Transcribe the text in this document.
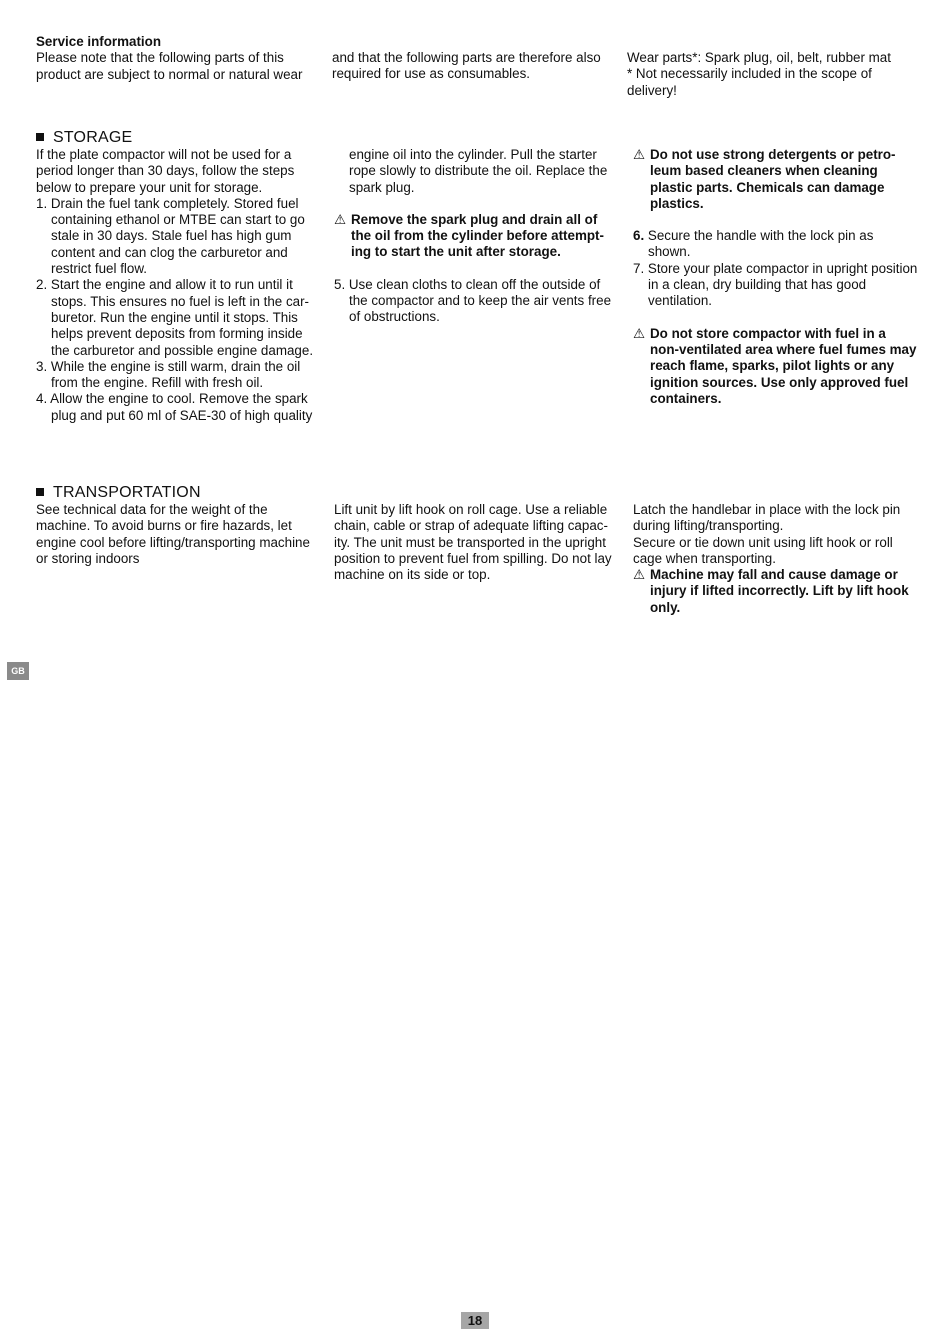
Service information

Please note that the following parts of this product are subject to normal or natural wear

and that the following parts are therefore also required for use as consumables.

Wear parts*: Spark plug, oil, belt, rubber mat

* Not necessarily included in the scope of delivery!

STORAGE

If the plate compactor will not be used for a period longer than 30 days, follow the steps below to prepare your unit for storage.

1. Drain the fuel tank completely. Stored fuel containing ethanol or MTBE can start to go stale in 30 days. Stale fuel has high gum content and can clog the carburetor and restrict fuel flow.

2. Start the engine and allow it to run until it stops. This ensures no fuel is left in the car-buretor. Run the engine until it stops. This helps prevent deposits from forming inside the carburetor and possible engine damage.

3. While the engine is still warm, drain the oil from the engine. Refill with fresh oil.

4. Allow the engine to cool. Remove the spark plug and put 60 ml of SAE-30 of high quality

engine oil into the cylinder. Pull the starter rope slowly to distribute the oil. Replace the spark plug.

⚠ Remove the spark plug and drain all of the oil from the cylinder before attempt-ing to start the unit after storage.

5. Use clean cloths to clean off the outside of the compactor and to keep the air vents free of obstructions.

⚠ Do not use strong detergents or petro-leum based cleaners when cleaning plastic parts. Chemicals can damage plastics.

6. Secure the handle with the lock pin as shown.

7. Store your plate compactor in upright position in a clean, dry building that has good ventilation.

⚠ Do not store compactor with fuel in a non-ventilated area where fuel fumes may reach flame, sparks, pilot lights or any ignition sources. Use only approved fuel containers.

TRANSPORTATION

See technical data for the weight of the machine. To avoid burns or fire hazards, let engine cool before lifting/transporting machine or storing indoors

Lift unit by lift hook on roll cage. Use a reliable chain, cable or strap of adequate lifting capac-ity. The unit must be transported in the upright position to prevent fuel from spilling. Do not lay machine on its side or top.

Latch the handlebar in place with the lock pin during lifting/transporting.

Secure or tie down unit using lift hook or roll cage when transporting.

⚠ Machine may fall and cause damage or injury if lifted incorrectly. Lift by lift hook only.

GB
18
